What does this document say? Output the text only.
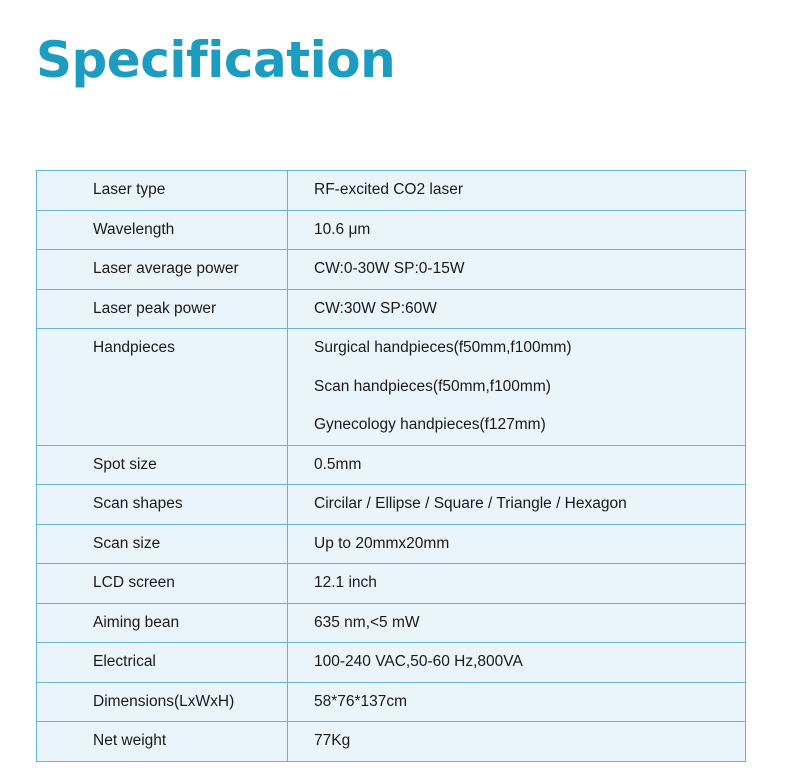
Specification
Laser type	RF-excited CO2 laser

Wavelength	10.6 μm

Laser average power	CW:0-30W SP:0-15W

Laser peak power	CW:30W SP:60W

Handpieces	Surgical handpieces(f50mm,f100mm)
Scan handpieces(f50mm,f100mm)
Gynecology handpieces(f127mm)

Spot size	0.5mm

Scan shapes	Circilar / Ellipse / Square / Triangle / Hexagon

Scan size	Up to 20mmx20mm

LCD screen	12.1 inch

Aiming bean	635 nm,<5 mW

Electrical	100-240 VAC,50-60 Hz,800VA

Dimensions(LxWxH)	58*76*137cm

Net weight	77Kg
